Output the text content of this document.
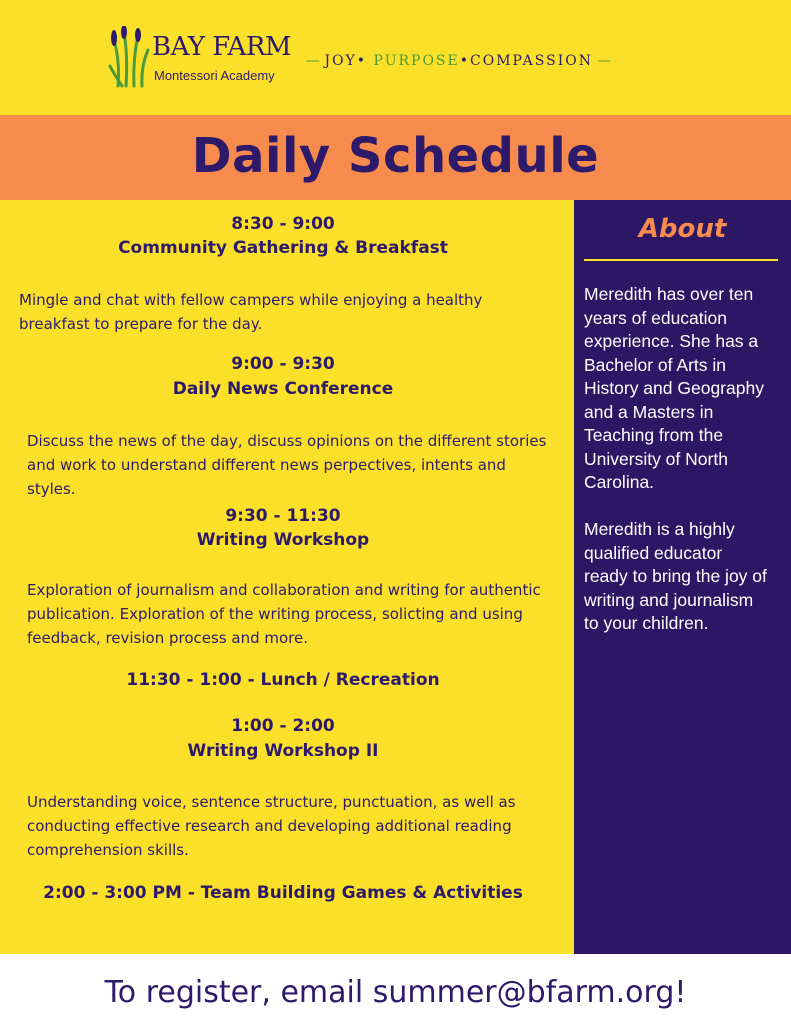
BAY FARM

Montessori Academy

— JOY• PURPOSE•COMPASSION —

Daily Schedule

8:30 - 9:00

Community Gathering & Breakfast

Mingle and chat with fellow campers while enjoying a healthy breakfast to prepare for the day.

9:00 - 9:30

Daily News Conference

Discuss the news of the day, discuss opinions on the different stories and work to understand different news perpectives, intents and styles.

9:30 - 11:30

Writing Workshop

Exploration of journalism and collaboration and writing for authentic publication. Exploration of the writing process, solicting and using feedback, revision process and more.

11:30 - 1:00 - Lunch / Recreation

1:00 - 2:00

Writing Workshop II

Understanding voice, sentence structure, punctuation, as well as conducting effective research and developing additional reading comprehension skills.

2:00 - 3:00 PM - Team Building Games & Activities

About

Meredith has over ten years of education experience. She has a Bachelor of Arts in History and Geography and a Masters in Teaching from the University of North Carolina.

Meredith is a highly qualified educator ready to bring the joy of writing and journalism to your children.

To register, email summer@bfarm.org!
